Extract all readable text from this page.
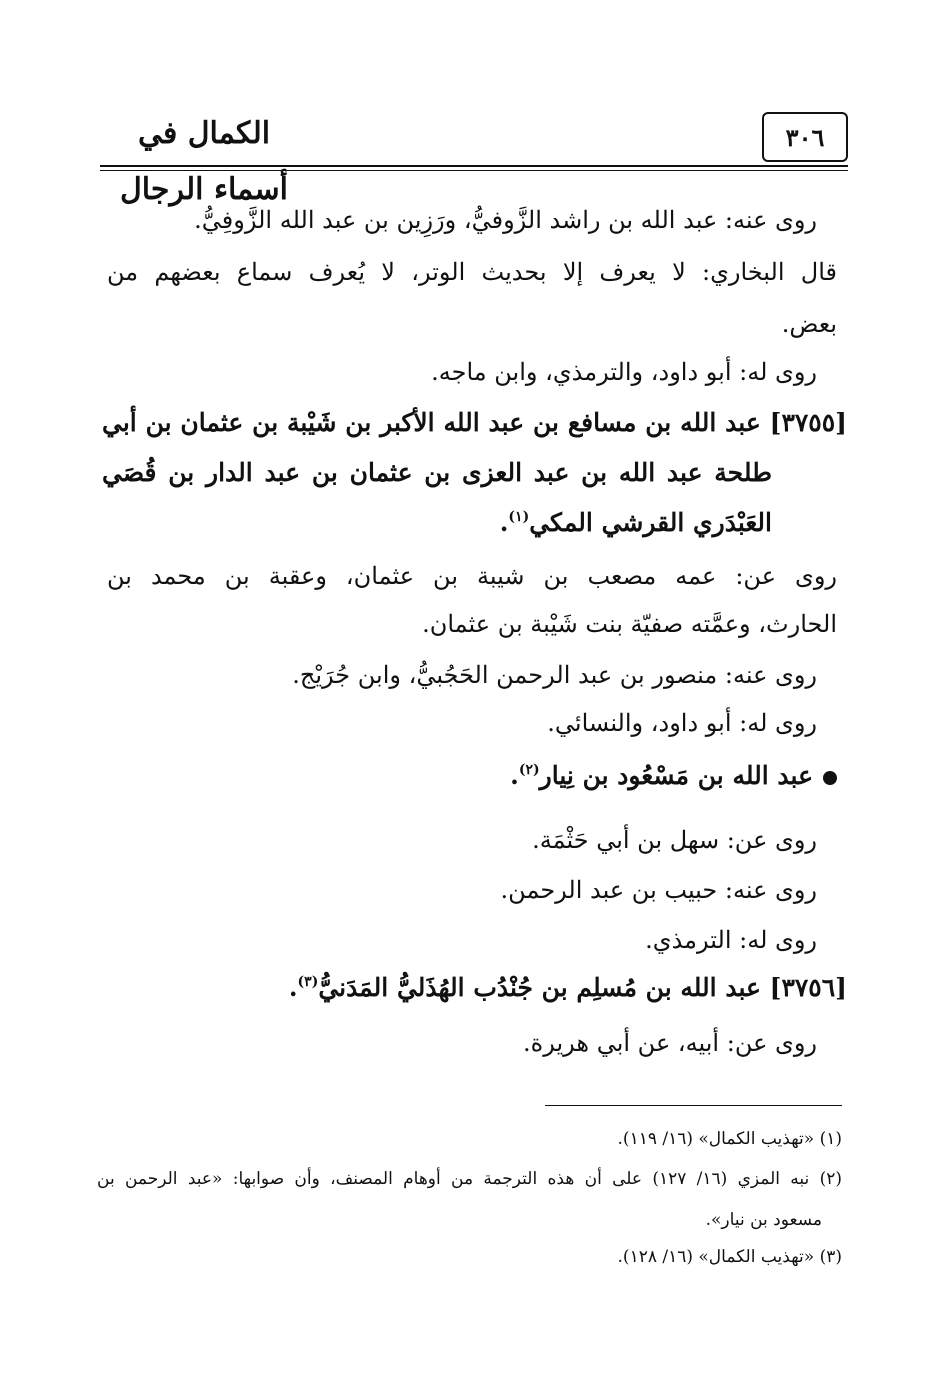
٣٠٦
الكمال في أسماء الرجال
روى عنه: عبد الله بن راشد الزَّوفيُّ، ورَزِين بن عبد الله الزَّوفِيُّ.
قال البخاري: لا يعرف إلا بحديث الوتر، لا يُعرف سماع بعضهم من
بعض.
روى له: أبو داود، والترمذي، وابن ماجه.
[٣٧٥٥] عبد الله بن مسافع بن عبد الله الأكبر بن شَيْبة بن عثمان بن أبي
طلحة عبد الله بن عبد العزى بن عثمان بن عبد الدار بن قُصَي
العَبْدَري القرشي المكي$^{(١)}$.
روى عن: عمه مصعب بن شيبة بن عثمان، وعقبة بن محمد بن
الحارث، وعمَّته صفيّة بنت شَيْبة بن عثمان.
روى عنه: منصور بن عبد الرحمن الحَجُبيُّ، وابن جُرَيْج.
روى له: أبو داود، والنسائي.
عبد الله بن مَسْعُود بن نِيار$^{(٢)}$.
روى عن: سهل بن أبي حَثْمَة.
روى عنه: حبيب بن عبد الرحمن.
روى له: الترمذي.
[٣٧٥٦] عبد الله بن مُسلِم بن جُنْدُب الهُذَليُّ المَدَنيُّ$^{(٣)}$.
روى عن: أبيه، عن أبي هريرة.
(١) «تهذيب الكمال» (١٦/ ١١٩).
(٢) نبه المزي (١٦/ ١٢٧) على أن هذه الترجمة من أوهام المصنف، وأن صوابها: «عبد الرحمن بن
مسعود بن نيار».
(٣) «تهذيب الكمال» (١٦/ ١٢٨).
